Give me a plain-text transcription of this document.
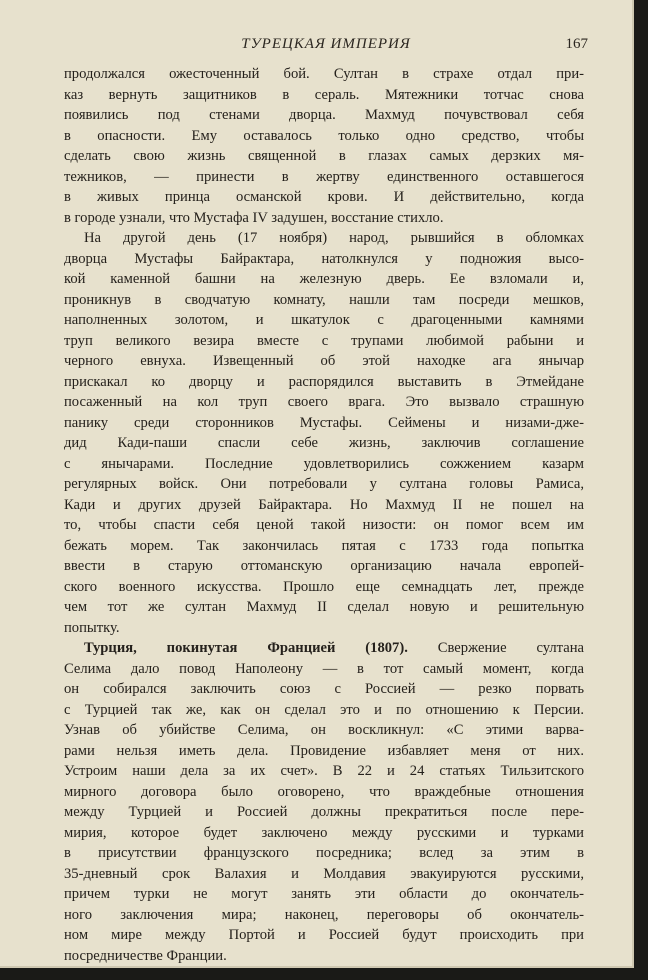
ТУРЕЦКАЯ ИМПЕРИЯ	167
продолжался ожесточенный бой. Султан в страхе отдал при-
каз вернуть защитников в сераль. Мятежники тотчас снова
появились под стенами дворца. Махмуд почувствовал себя
в опасности. Ему оставалось только одно средство, чтобы
сделать свою жизнь священной в глазах самых дерзких мя-
тежников, — принести в жертву единственного оставшегося
в живых принца османской крови. И действительно, когда
в городе узнали, что Мустафа IV задушен, восстание стихло.
На другой день (17 ноября) народ, рывшийся в обломках
дворца Мустафы Байрактара, натолкнулся у подножия высо-
кой каменной башни на железную дверь. Ее взломали и,
проникнув в сводчатую комнату, нашли там посреди мешков,
наполненных золотом, и шкатулок с драгоценными камнями
труп великого везира вместе с трупами любимой рабыни и
черного евнуха. Извещенный об этой находке ага янычар
прискакал ко дворцу и распорядился выставить в Этмейдане
посаженный на кол труп своего врага. Это вызвало страшную
панику среди сторонников Мустафы. Сеймены и низами-джe-
дид Кади-паши спасли себе жизнь, заключив соглашение
с янычарами. Последние удовлетворились сожжением казарм
регулярных войск. Они потребовали у султана головы Рамиса,
Кади и других друзей Байрактара. Но Махмуд II не пошел на
то, чтобы спасти себя ценой такой низости: он помог всем им
бежать морем. Так закончилась пятая с 1733 года попытка
ввести в старую оттоманскую организацию начала европей-
ского военного искусства. Прошло еще семнадцать лет, прежде
чем тот же султан Махмуд II сделал новую и решительную
попытку.
Турция, покинутая Францией (1807). Свержение султана
Селима дало повод Наполеону — в тот самый момент, когда
он собирался заключить союз с Россией — резко порвать
с Турцией так же, как он сделал это и по отношению к Персии.
Узнав об убийстве Селима, он воскликнул: «С этими варва-
рами нельзя иметь дела. Провидение избавляет меня от них.
Устроим наши дела за их счет». В 22 и 24 статьях Тильзитского
мирного договора было оговорено, что враждебные отношения
между Турцией и Россией должны прекратиться после пере-
мирия, которое будет заключено между русскими и турками
в присутствии французского посредника; вслед за этим в
35-дневный срок Валахия и Молдавия эвакуируются русскими,
причем турки не могут занять эти области до окончатель-
ного заключения мира; наконец, переговоры об окончатель-
ном мире между Портой и Россией будут происходить при
посредничестве Франции.
